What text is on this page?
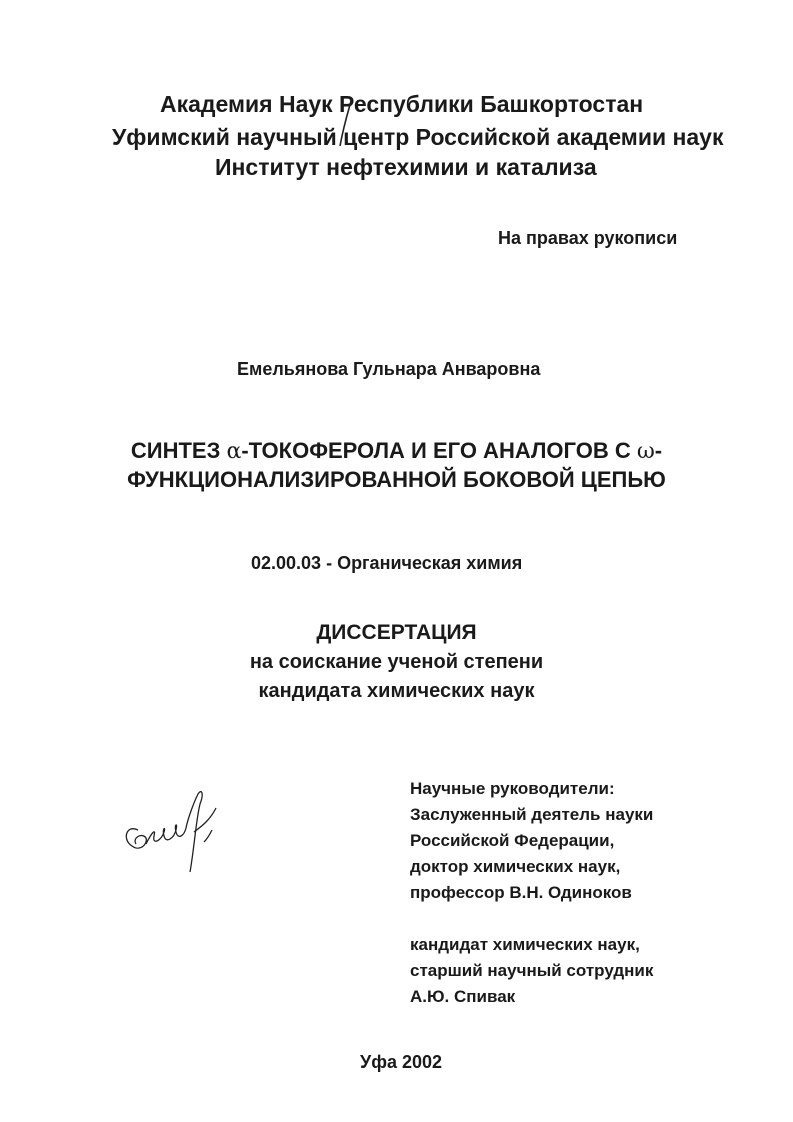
Академия Наук Республики Башкортостан
Уфимский научный центр Российской академии наук
Институт нефтехимии и катализа
На правах рукописи
Емельянова Гульнара Анваровна
СИНТЕЗ α-ТОКОФЕРОЛА И ЕГО АНАЛОГОВ С ω-
ФУНКЦИОНАЛИЗИРОВАННОЙ БОКОВОЙ ЦЕПЬЮ
02.00.03 - Органическая химия
ДИССЕРТАЦИЯ
на соискание ученой степени
кандидата химических наук
Научные руководители:
Заслуженный деятель науки
Российской Федерации,
доктор химических наук,
профессор В.Н. Одиноков
кандидат химических наук,
старший научный сотрудник
А.Ю. Спивак
Уфа 2002
